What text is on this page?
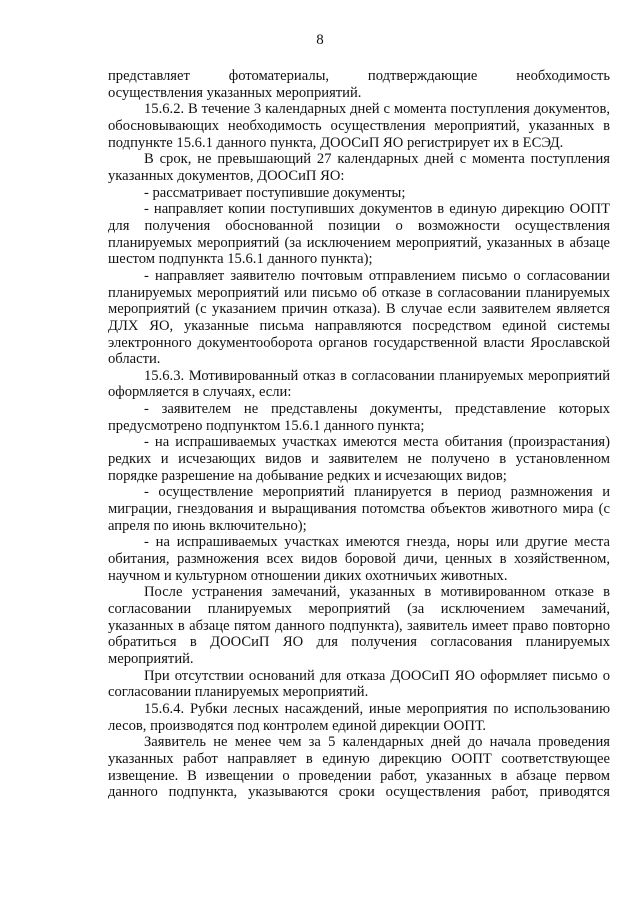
8

представляет фотоматериалы, подтверждающие необходимость

осуществления указанных мероприятий.

15.6.2. В течение 3 календарных дней с момента поступления документов, обосновывающих необходимость осуществления мероприятий, указанных в подпункте 15.6.1 данного пункта, ДООСиП ЯО регистрирует их в ЕСЭД.

В срок, не превышающий 27 календарных дней с момента поступления указанных документов, ДООСиП ЯО:

- рассматривает поступившие документы;

- направляет копии поступивших документов в единую дирекцию ООПТ для получения обоснованной позиции о возможности осуществления планируемых мероприятий (за исключением мероприятий, указанных в абзаце шестом подпункта 15.6.1 данного пункта);

- направляет заявителю почтовым отправлением письмо о согласовании планируемых мероприятий или письмо об отказе в согласовании планируемых мероприятий (с указанием причин отказа). В случае если заявителем является ДЛХ ЯО, указанные письма направляются посредством единой системы электронного документооборота органов государственной власти Ярославской области.

15.6.3. Мотивированный отказ в согласовании планируемых мероприятий оформляется в случаях, если:

- заявителем не представлены документы, представление которых предусмотрено подпунктом 15.6.1 данного пункта;

- на испрашиваемых участках имеются места обитания (произрастания) редких и исчезающих видов и заявителем не получено в установленном порядке разрешение на добывание редких и исчезающих видов;

- осуществление мероприятий планируется в период размножения и миграции, гнездования и выращивания потомства объектов животного мира (с апреля по июнь включительно);

- на испрашиваемых участках имеются гнезда, норы или другие места обитания, размножения всех видов боровой дичи, ценных в хозяйственном, научном и культурном отношении диких охотничьих животных.

После устранения замечаний, указанных в мотивированном отказе в согласовании планируемых мероприятий (за исключением замечаний, указанных в абзаце пятом данного подпункта), заявитель имеет право повторно обратиться в ДООСиП ЯО для получения согласования планируемых мероприятий.

При отсутствии оснований для отказа ДООСиП ЯО оформляет письмо о согласовании планируемых мероприятий.

15.6.4. Рубки лесных насаждений, иные мероприятия по использованию лесов, производятся под контролем единой дирекции ООПТ.

Заявитель не менее чем за 5 календарных дней до начала проведения указанных работ направляет в единую дирекцию ООПТ соответствующее извещение. В извещении о проведении работ, указанных в абзаце первом данного подпункта, указываются сроки осуществления работ, приводятся
